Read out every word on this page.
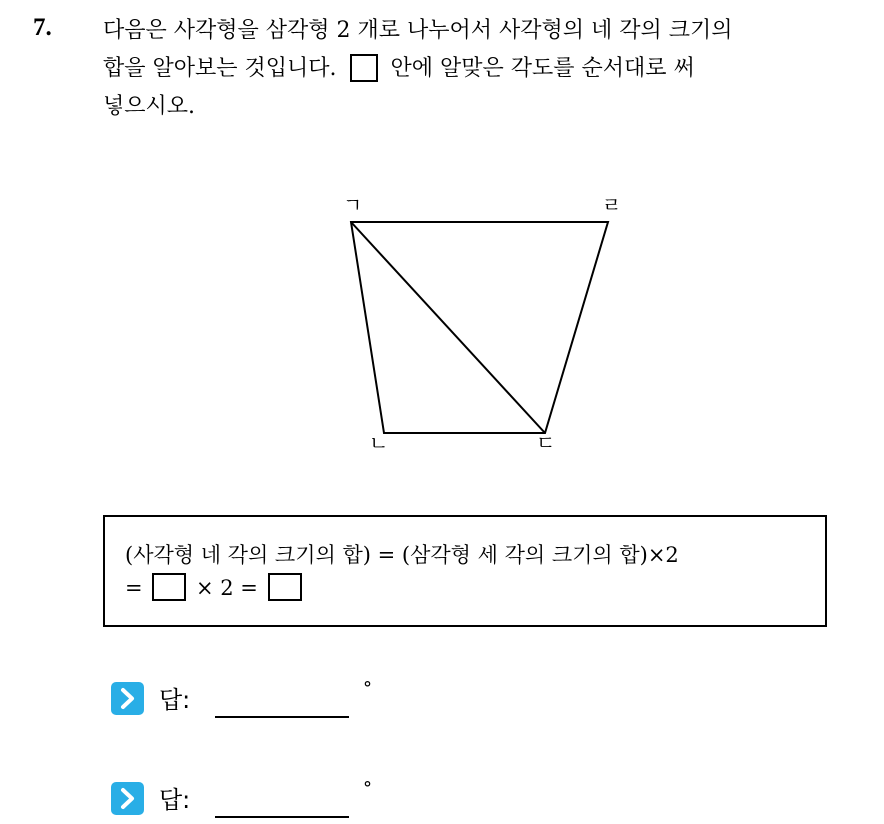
7. 다음은 사각형을 삼각형 2 개로 나누어서 사각형의 네 각의 크기의
합을 알아보는 것입니다. 안에 알맞은 각도를 순서대로 써
넣으시오.
ㄱ	ㄹ
ㄴ	ㄷ
(사각형 네 각의 크기의 합) = (삼각형 세 각의 크기의 합)×2
=	× 2 =
답:	°
답:	°
